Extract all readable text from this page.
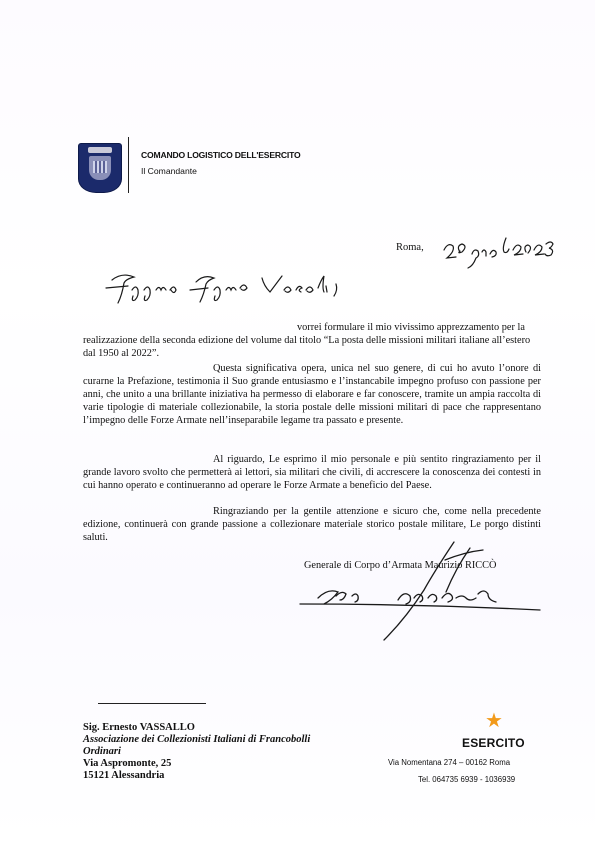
COMANDO LOGISTICO DELL'ESERCITO
Il Comandante
Roma,
vorrei formulare il mio vivissimo apprezzamento per la
realizzazione della seconda edizione del volume dal titolo “La posta delle missioni militari italiane all’estero dal 1950 al 2022”.
Questa significativa opera, unica nel suo genere, di cui ho avuto l’onore di curarne la Prefazione, testimonia il Suo grande entusiasmo e l’instancabile impegno profuso con passione per anni, che unito a una brillante iniziativa ha permesso di elaborare e far conoscere, tramite un ampia raccolta di varie tipologie di materiale collezionabile, la storia postale delle missioni militari di pace che rappresentano l’impegno delle Forze Armate nell’inseparabile legame tra passato e presente.
Al riguardo, Le esprimo il mio personale e più sentito ringraziamento per il grande lavoro svolto che permetterà ai lettori, sia militari che civili, di accrescere la conoscenza dei contesti in cui hanno operato e continueranno ad operare le Forze Armate a beneficio del Paese.
Ringraziando per la gentile attenzione e sicuro che, come nella precedente edizione, continuerà con grande passione a collezionare materiale storico postale militare, Le porgo distinti saluti.
Generale di Corpo d’Armata Maurizio RICCÒ
Sig. Ernesto VASSALLO
Associazione dei Collezionisti Italiani di Francobolli
Ordinari
Via Aspromonte, 25
15121 Alessandria
★
ESERCITO
Via Nomentana 274 – 00162 Roma
Tel. 064735 6939 - 1036939
